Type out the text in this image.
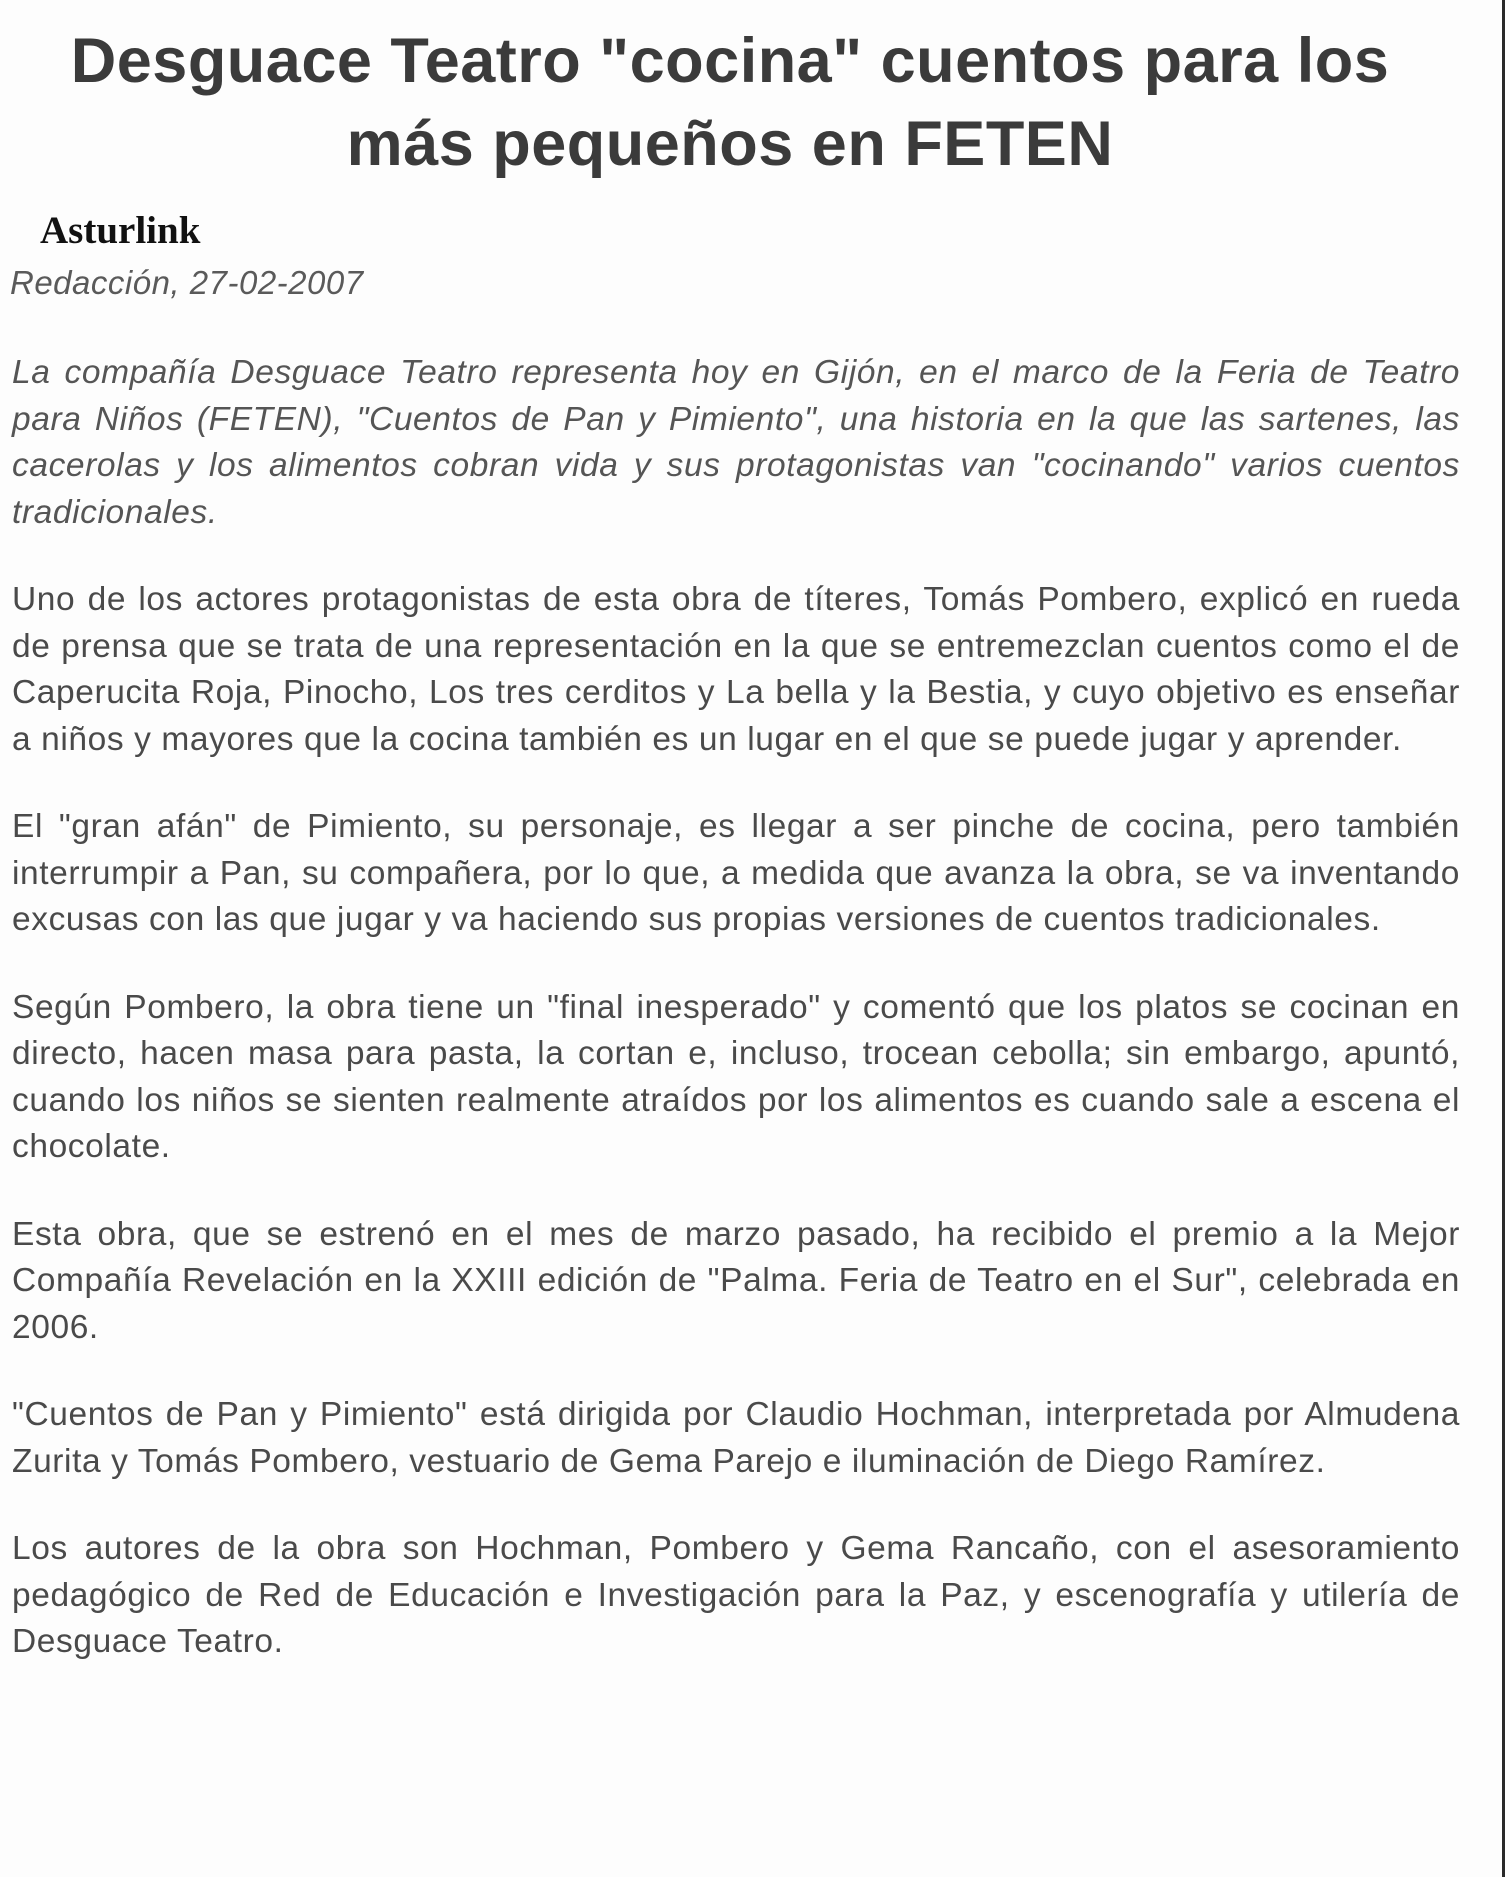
Desguace Teatro "cocina" cuentos para los más pequeños en FETEN
Asturlink
Redacción, 27-02-2007

La compañía Desguace Teatro representa hoy en Gijón, en el marco de la Feria de Teatro para Niños (FETEN), "Cuentos de Pan y Pimiento", una historia en la que las sartenes, las cacerolas y los alimentos cobran vida y sus protagonistas van "cocinando" varios cuentos tradicionales.

Uno de los actores protagonistas de esta obra de títeres, Tomás Pombero, explicó en rueda de prensa que se trata de una representación en la que se entremezclan cuentos como el de Caperucita Roja, Pinocho, Los tres cerditos y La bella y la Bestia, y cuyo objetivo es enseñar a niños y mayores que la cocina también es un lugar en el que se puede jugar y aprender.

El "gran afán" de Pimiento, su personaje, es llegar a ser pinche de cocina, pero también interrumpir a Pan, su compañera, por lo que, a medida que avanza la obra, se va inventando excusas con las que jugar y va haciendo sus propias versiones de cuentos tradicionales.

Según Pombero, la obra tiene un "final inesperado" y comentó que los platos se cocinan en directo, hacen masa para pasta, la cortan e, incluso, trocean cebolla; sin embargo, apuntó, cuando los niños se sienten realmente atraídos por los alimentos es cuando sale a escena el chocolate.

Esta obra, que se estrenó en el mes de marzo pasado, ha recibido el premio a la Mejor Compañía Revelación en la XXIII edición de "Palma. Feria de Teatro en el Sur", celebrada en 2006.

"Cuentos de Pan y Pimiento" está dirigida por Claudio Hochman, interpretada por Almudena Zurita y Tomás Pombero, vestuario de Gema Parejo e iluminación de Diego Ramírez.

Los autores de la obra son Hochman, Pombero y Gema Rancaño, con el asesoramiento pedagógico de Red de Educación e Investigación para la Paz, y escenografía y utilería de Desguace Teatro.
